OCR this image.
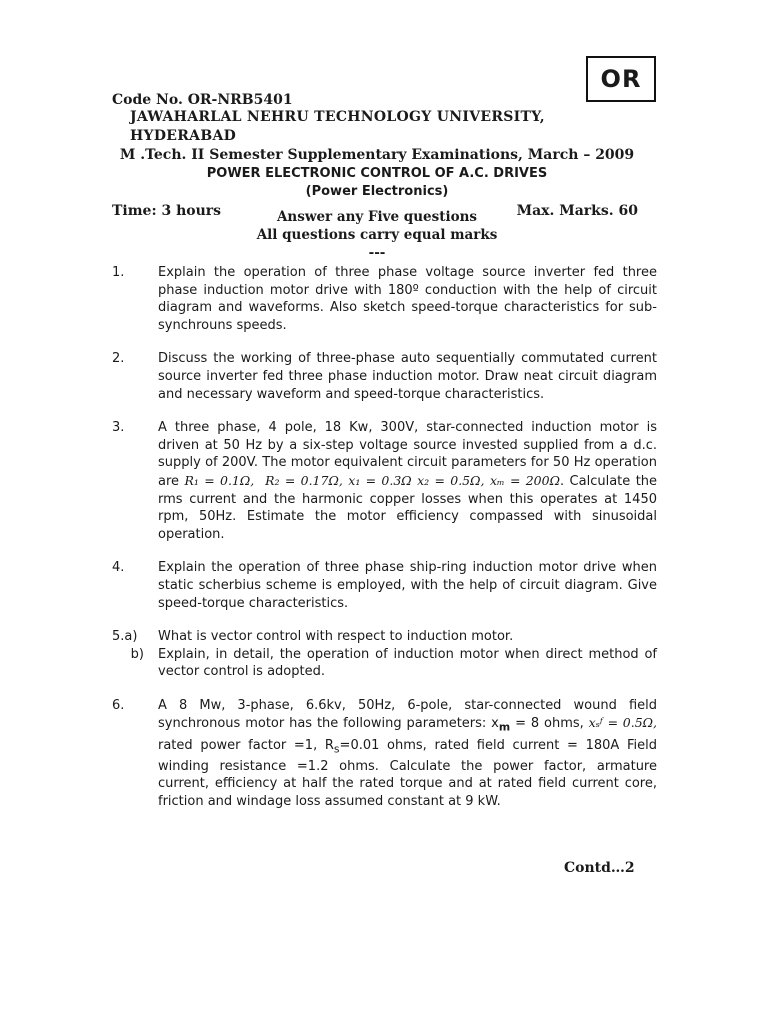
OR
Code No. OR-NRB5401
JAWAHARLAL NEHRU TECHNOLOGY UNIVERSITY, HYDERABAD
M .Tech. II Semester Supplementary Examinations, March – 2009
POWER ELECTRONIC CONTROL OF A.C. DRIVES
(Power Electronics)
Time: 3 hours	Max. Marks. 60
Answer any Five questions
All questions carry equal marks
---
1.	Explain the operation of three phase voltage source inverter fed three phase induction motor drive with 180º conduction with the help of circuit diagram and waveforms. Also sketch speed-torque characteristics for sub-synchrouns speeds.
2.	Discuss the working of three-phase auto sequentially commutated current source inverter fed three phase induction motor. Draw neat circuit diagram and necessary waveform and speed-torque characteristics.
3.	A three phase, 4 pole, 18 Kw, 300V, star-connected induction motor is driven at 50 Hz by a six-step voltage source invested supplied from a d.c. supply of 200V. The motor equivalent circuit parameters for 50 Hz operation are R₁ = 0.1Ω, R₂ = 0.17Ω, x₁ = 0.3Ω x₂ = 0.5Ω, xₘ = 200Ω. Calculate the rms current and the harmonic copper losses when this operates at 1450 rpm, 50Hz. Estimate the motor efficiency compassed with sinusoidal operation.
4.	Explain the operation of three phase ship-ring induction motor drive when static scherbius scheme is employed, with the help of circuit diagram. Give speed-torque characteristics.
5.a)	What is vector control with respect to induction motor.
b)	Explain, in detail, the operation of induction motor when direct method of vector control is adopted.
6.	A 8 Mw, 3-phase, 6.6kv, 50Hz, 6-pole, star-connected wound field synchronous motor has the following parameters: $x_m = 8$ ohms, xₛᶠ = 0.5Ω, rated power factor =1, $R_s=0.01$ ohms, rated field current = 180A Field winding resistance =1.2 ohms. Calculate the power factor, armature current, efficiency at half the rated torque and at rated field current core, friction and windage loss assumed constant at 9 kW.
Contd…2
